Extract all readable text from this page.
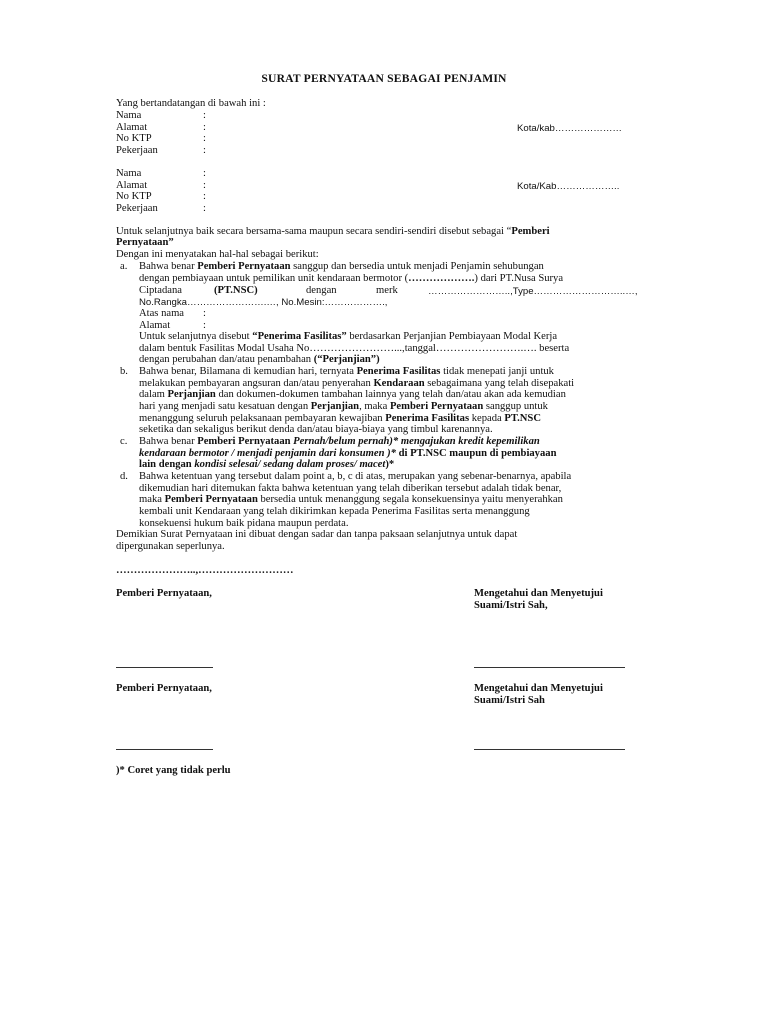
SURAT PERNYATAAN SEBAGAI PENJAMIN
Yang bertandatangan di bawah ini :
Nama	:
Alamat	:	Kota/kab…………………
No KTP	:
Pekerjaan	:
Nama	:
Alamat	:	Kota/Kab………………..
No KTP	:
Pekerjaan	:
Untuk selanjutnya baik secara bersama-sama maupun secara sendiri-sendiri disebut sebagai “Pemberi
Pernyataan”
Dengan ini menyatakan hal-hal sebagai berikut:
a. Bahwa benar Pemberi Pernyataan sanggup dan bersedia untuk menjadi Penjamin sehubungan
dengan pembiayaan untuk pemilikan unit kendaraan bermotor (……………….) dari PT.Nusa Surya
Ciptadana	(PT.NSC)	dengan	merk	……………………..,Type………………………..…,
No.Rangka…………………….…, No.Mesin:……………….,
Atas nama :
Alamat	:
Untuk selanjutnya disebut “Penerima Fasilitas” berdasarkan Perjanjian Pembiayaan Modal Kerja
dalam bentuk Fasilitas Modal Usaha No……………………...,tanggal…………………….…. beserta
dengan perubahan dan/atau penambahan (“Perjanjian”)
b. Bahwa benar, Bilamana di kemudian hari, ternyata Penerima Fasilitas tidak menepati janji untuk
melakukan pembayaran angsuran dan/atau penyerahan Kendaraan sebagaimana yang telah disepakati
dalam Perjanjian dan dokumen-dokumen tambahan lainnya yang telah dan/atau akan ada kemudian
hari yang menjadi satu kesatuan dengan Perjanjian, maka Pemberi Pernyataan sanggup untuk
menanggung seluruh pelaksanaan pembayaran kewajiban Penerima Fasilitas kepada PT.NSC
seketika dan sekaligus berikut denda dan/atau biaya-biaya yang timbul karenannya.
c. Bahwa benar Pemberi Pernyataan Pernah/belum pernah)* mengajukan kredit kepemilikan
kendaraan bermotor / menjadi penjamin dari konsumen )* di PT.NSC maupun di pembiayaan
lain dengan kondisi selesai/ sedang dalam proses/ macet)*
d. Bahwa ketentuan yang tersebut dalam point a, b, c di atas, merupakan yang sebenar-benarnya, apabila
dikemudian hari ditemukan fakta bahwa ketentuan yang telah diberikan tersebut adalah tidak benar,
maka Pemberi Pernyataan bersedia untuk menanggung segala konsekuensinya yaitu menyerahkan
kembali unit Kendaraan yang telah dikirimkan kepada Penerima Fasilitas serta menanggung
konsekuensi hukum baik pidana maupun perdata.
Demikian Surat Pernyataan ini dibuat dengan sadar dan tanpa paksaan selanjutnya untuk dapat
dipergunakan seperlunya.
…………………..,………………………
Pemberi Pernyataan,	Mengetahui dan Menyetujui
Suami/Istri Sah,
Pemberi Pernyataan,	Mengetahui dan Menyetujui
Suami/Istri Sah
)* Coret yang tidak perlu
